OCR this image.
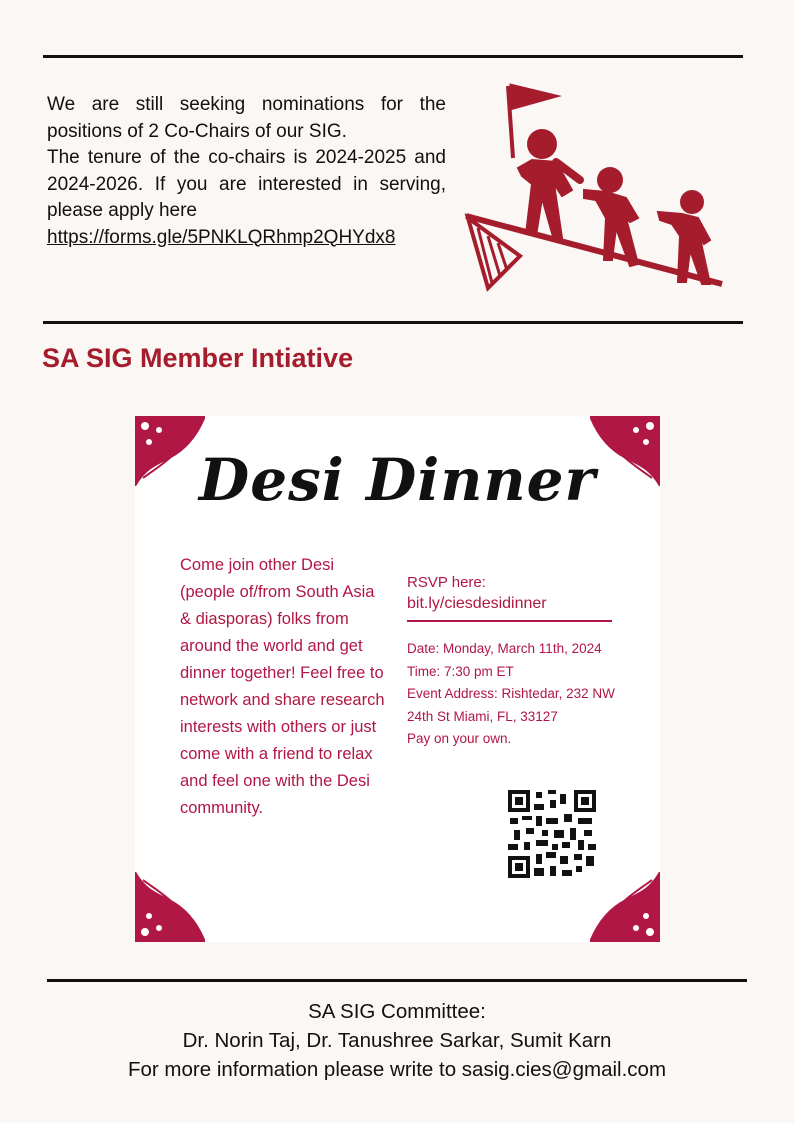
We are still seeking nominations for the positions of 2 Co-Chairs of our SIG.

The tenure of the co-chairs is 2024-2025 and 2024-2026. If you are interested in serving, please apply here

https://forms.gle/5PNKLQRhmp2QHYdx8
SA SIG Member Intiative
Desi Dinner
Come join other Desi (people of/from South Asia & diasporas) folks from around the world and get dinner together! Feel free to network and share research interests with others or just come with a friend to relax and feel one with the Desi community.
RSVP here:
bit.ly/ciesdesidinner
Date: Monday, March 11th, 2024
Time: 7:30 pm ET
Event Address: Rishtedar, 232 NW 24th St Miami, FL, 33127
Pay on your own.
SA SIG Committee:
Dr. Norin Taj, Dr. Tanushree Sarkar, Sumit Karn
For more information please write to sasig.cies@gmail.com
